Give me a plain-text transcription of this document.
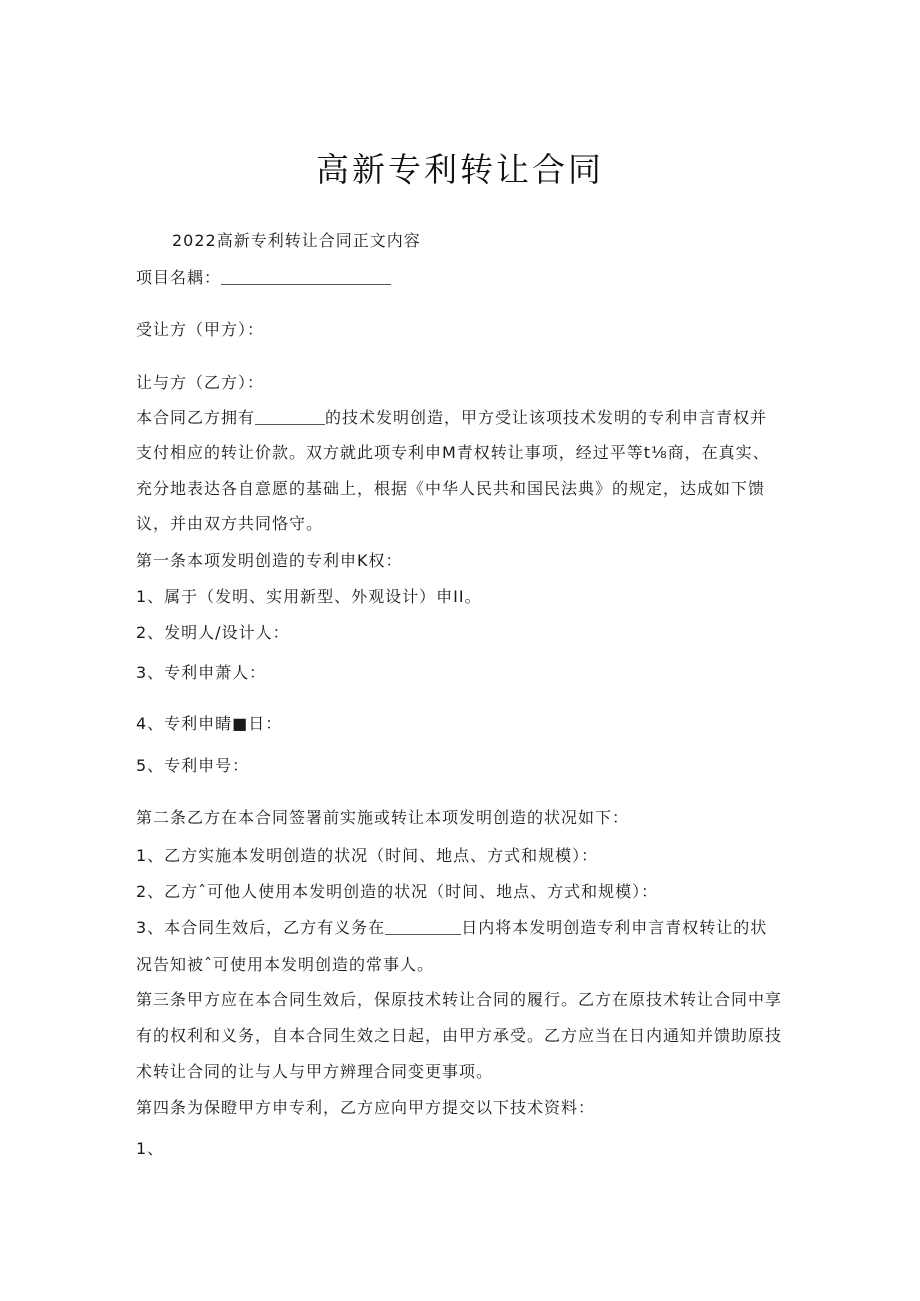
高新专利转让合同
2022高新专利转让合同正文内容
项目名耦：
受让方（甲方）：
让与方（乙方）：
本合同乙方拥有	的技术发明创造，甲方受让该项技术发明的专利申言青权并
支付相应的转让价款。双方就此项专利申M青权转让事项，经过平等t⅛商，在真实、
充分地表达各自意愿的基础上，根据《中华人民共和国民法典》的规定，达成如下馈
议，并由双方共同恪守。
第一条本项发明创造的专利申K权：
1、属于（发明、实用新型、外观设计）申II。
2、发明人/设计人：
3、专利申萧人：
4、专利申睛■日：
5、专利申号：
第二条乙方在本合同签署前实施或转让本项发明创造的状况如下：
1、乙方实施本发明创造的状况（时间、地点、方式和规模）：
2、乙方ˆ可他人使用本发明创造的状况（时间、地点、方式和规模）：
3、本合同生效后，乙方有义务在	日内将本发明创造专利申言青权转让的状
况告知被ˆ可使用本发明创造的常事人。
第三条甲方应在本合同生效后，保原技术转让合同的履行。乙方在原技术转让合同中享
有的权利和义务，自本合同生效之日起，由甲方承受。乙方应当在日内通知并馈助原技
术转让合同的让与人与甲方辨理合同变更事项。
第四条为保瞪甲方申专利，乙方应向甲方提交以下技术资料：
1、
